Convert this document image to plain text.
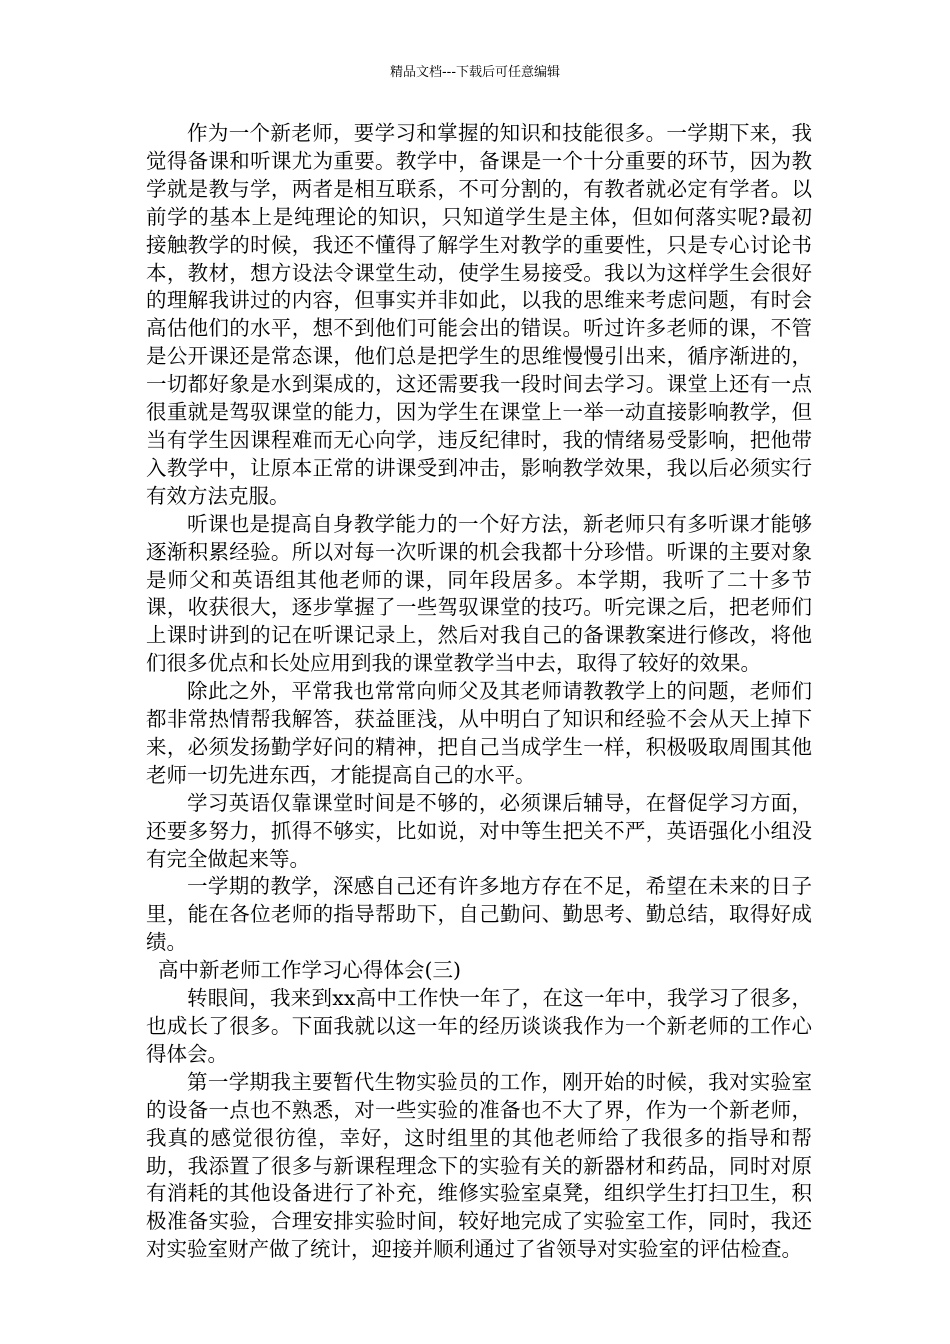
精品文档---下载后可任意编辑

作为一个新老师，要学习和掌握的知识和技能很多。一学期下来，我觉得备课和听课尤为重要。教学中，备课是一个十分重要的环节，因为教学就是教与学，两者是相互联系，不可分割的，有教者就必定有学者。以前学的基本上是纯理论的知识，只知道学生是主体，但如何落实呢?最初接触教学的时候，我还不懂得了解学生对教学的重要性，只是专心讨论书本，教材，想方设法令课堂生动，使学生易接受。我以为这样学生会很好的理解我讲过的内容，但事实并非如此，以我的思维来考虑问题，有时会高估他们的水平，想不到他们可能会出的错误。听过许多老师的课，不管是公开课还是常态课，他们总是把学生的思维慢慢引出来，循序渐进的，一切都好象是水到渠成的，这还需要我一段时间去学习。课堂上还有一点很重就是驾驭课堂的能力，因为学生在课堂上一举一动直接影响教学，但当有学生因课程难而无心向学，违反纪律时，我的情绪易受影响，把他带入教学中，让原本正常的讲课受到冲击，影响教学效果，我以后必须实行有效方法克服。

听课也是提高自身教学能力的一个好方法，新老师只有多听课才能够逐渐积累经验。所以对每一次听课的机会我都十分珍惜。听课的主要对象是师父和英语组其他老师的课，同年段居多。本学期，我听了二十多节课，收获很大，逐步掌握了一些驾驭课堂的技巧。听完课之后，把老师们上课时讲到的记在听课记录上，然后对我自己的备课教案进行修改，将他们很多优点和长处应用到我的课堂教学当中去，取得了较好的效果。

除此之外，平常我也常常向师父及其老师请教教学上的问题，老师们都非常热情帮我解答，获益匪浅，从中明白了知识和经验不会从天上掉下来，必须发扬勤学好问的精神，把自己当成学生一样，积极吸取周围其他老师一切先进东西，才能提高自己的水平。

学习英语仅靠课堂时间是不够的，必须课后辅导，在督促学习方面，还要多努力，抓得不够实，比如说，对中等生把关不严，英语强化小组没有完全做起来等。

一学期的教学，深感自己还有许多地方存在不足，希望在未来的日子里，能在各位老师的指导帮助下，自己勤问、勤思考、勤总结，取得好成绩。

高中新老师工作学习心得体会(三)

转眼间，我来到xx高中工作快一年了，在这一年中，我学习了很多，也成长了很多。下面我就以这一年的经历谈谈我作为一个新老师的工作心得体会。

第一学期我主要暂代生物实验员的工作，刚开始的时候，我对实验室的设备一点也不熟悉，对一些实验的准备也不大了界，作为一个新老师，我真的感觉很彷徨，幸好，这时组里的其他老师给了我很多的指导和帮助，我添置了很多与新课程理念下的实验有关的新器材和药品，同时对原有消耗的其他设备进行了补充，维修实验室桌凳，组织学生打扫卫生，积极准备实验，合理安排实验时间，较好地完成了实验室工作，同时，我还对实验室财产做了统计，迎接并顺利通过了省领导对实验室的评估检查。
